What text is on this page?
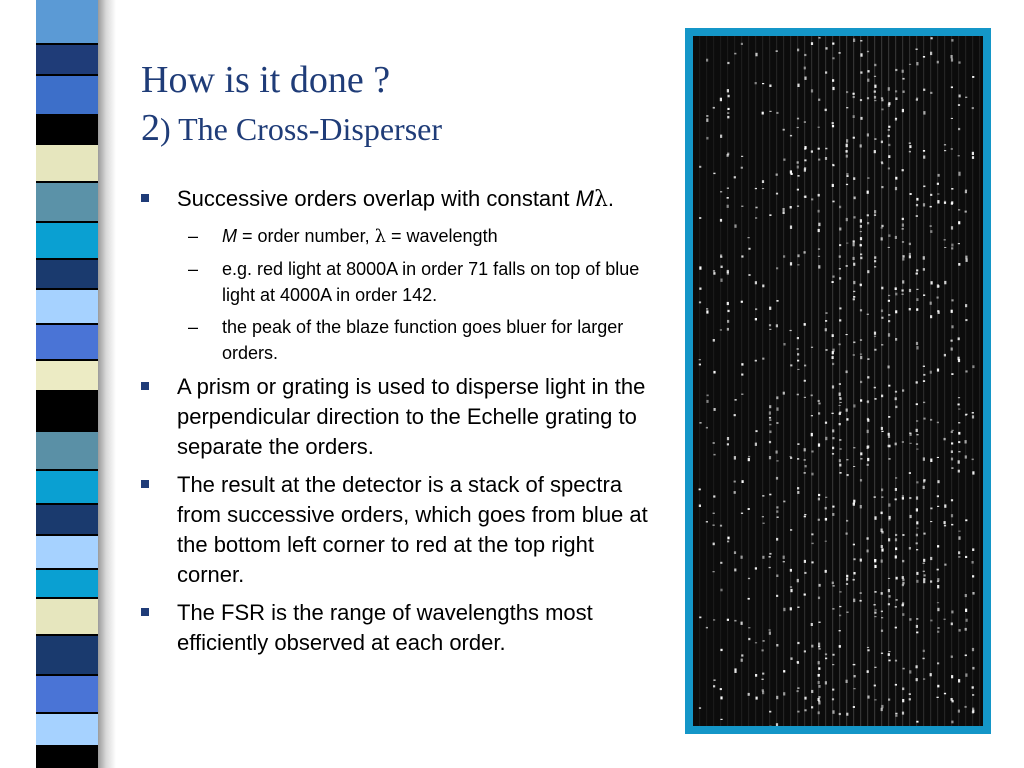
How is it done ?
2) The Cross-Disperser
Successive orders overlap with constant Mλ.
– M = order number, λ = wavelength
– e.g. red light at 8000A in order 71 falls on top of blue light at 4000A in order 142.
– the peak of the blaze function goes bluer for larger orders.
A prism or grating is used to disperse light in the perpendicular direction to the Echelle grating to separate the orders.
The result at the detector is a stack of spectra from successive orders, which goes from blue at the bottom left corner to red at the top right corner.
The FSR is the range of wavelengths most efficiently observed at each order.
